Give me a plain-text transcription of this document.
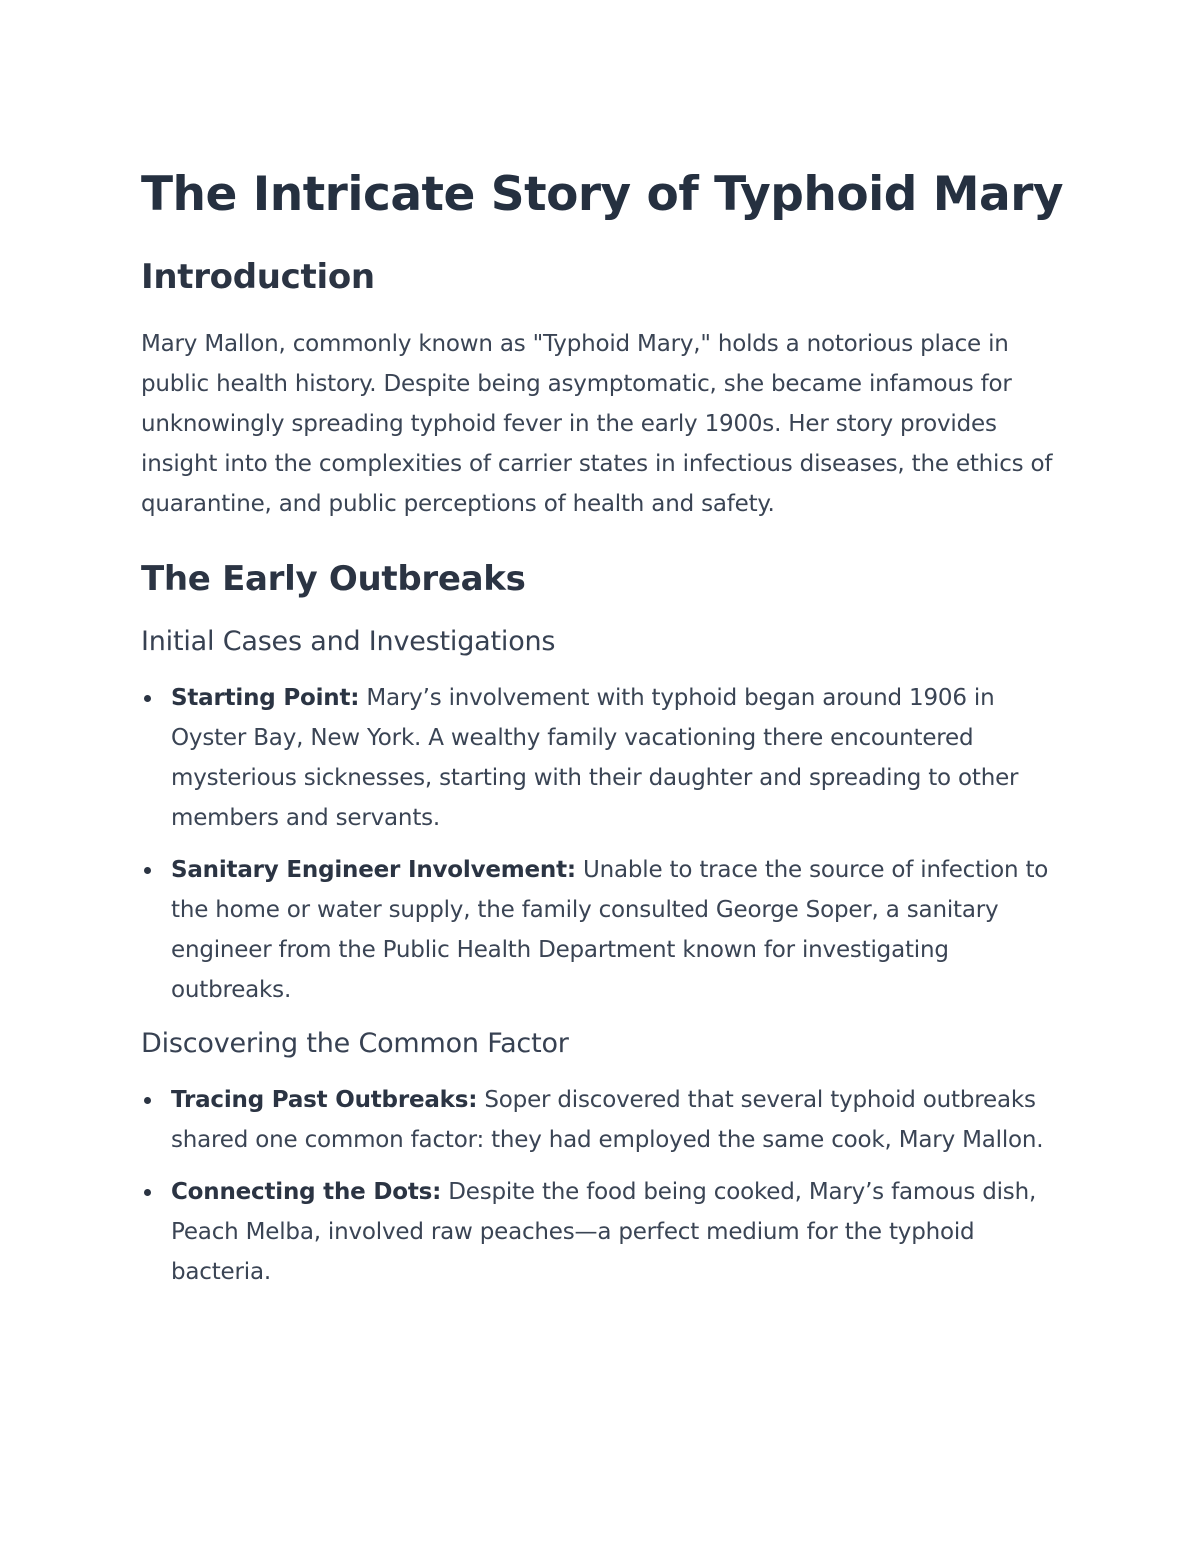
The Intricate Story of Typhoid Mary
Introduction

Mary Mallon, commonly known as "Typhoid Mary," holds a notorious place in public health history. Despite being asymptomatic, she became infamous for unknowingly spreading typhoid fever in the early 1900s. Her story provides insight into the complexities of carrier states in infectious diseases, the ethics of quarantine, and public perceptions of health and safety.

The Early Outbreaks
Initial Cases and Investigations
Starting Point: Mary’s involvement with typhoid began around 1906 in Oyster Bay, New York. A wealthy family vacationing there encountered mysterious sicknesses, starting with their daughter and spreading to other members and servants.
Sanitary Engineer Involvement: Unable to trace the source of infection to the home or water supply, the family consulted George Soper, a sanitary engineer from the Public Health Department known for investigating outbreaks.
Discovering the Common Factor
Tracing Past Outbreaks: Soper discovered that several typhoid outbreaks shared one common factor: they had employed the same cook, Mary Mallon.
Connecting the Dots: Despite the food being cooked, Mary’s famous dish, Peach Melba, involved raw peaches—a perfect medium for the typhoid bacteria.
